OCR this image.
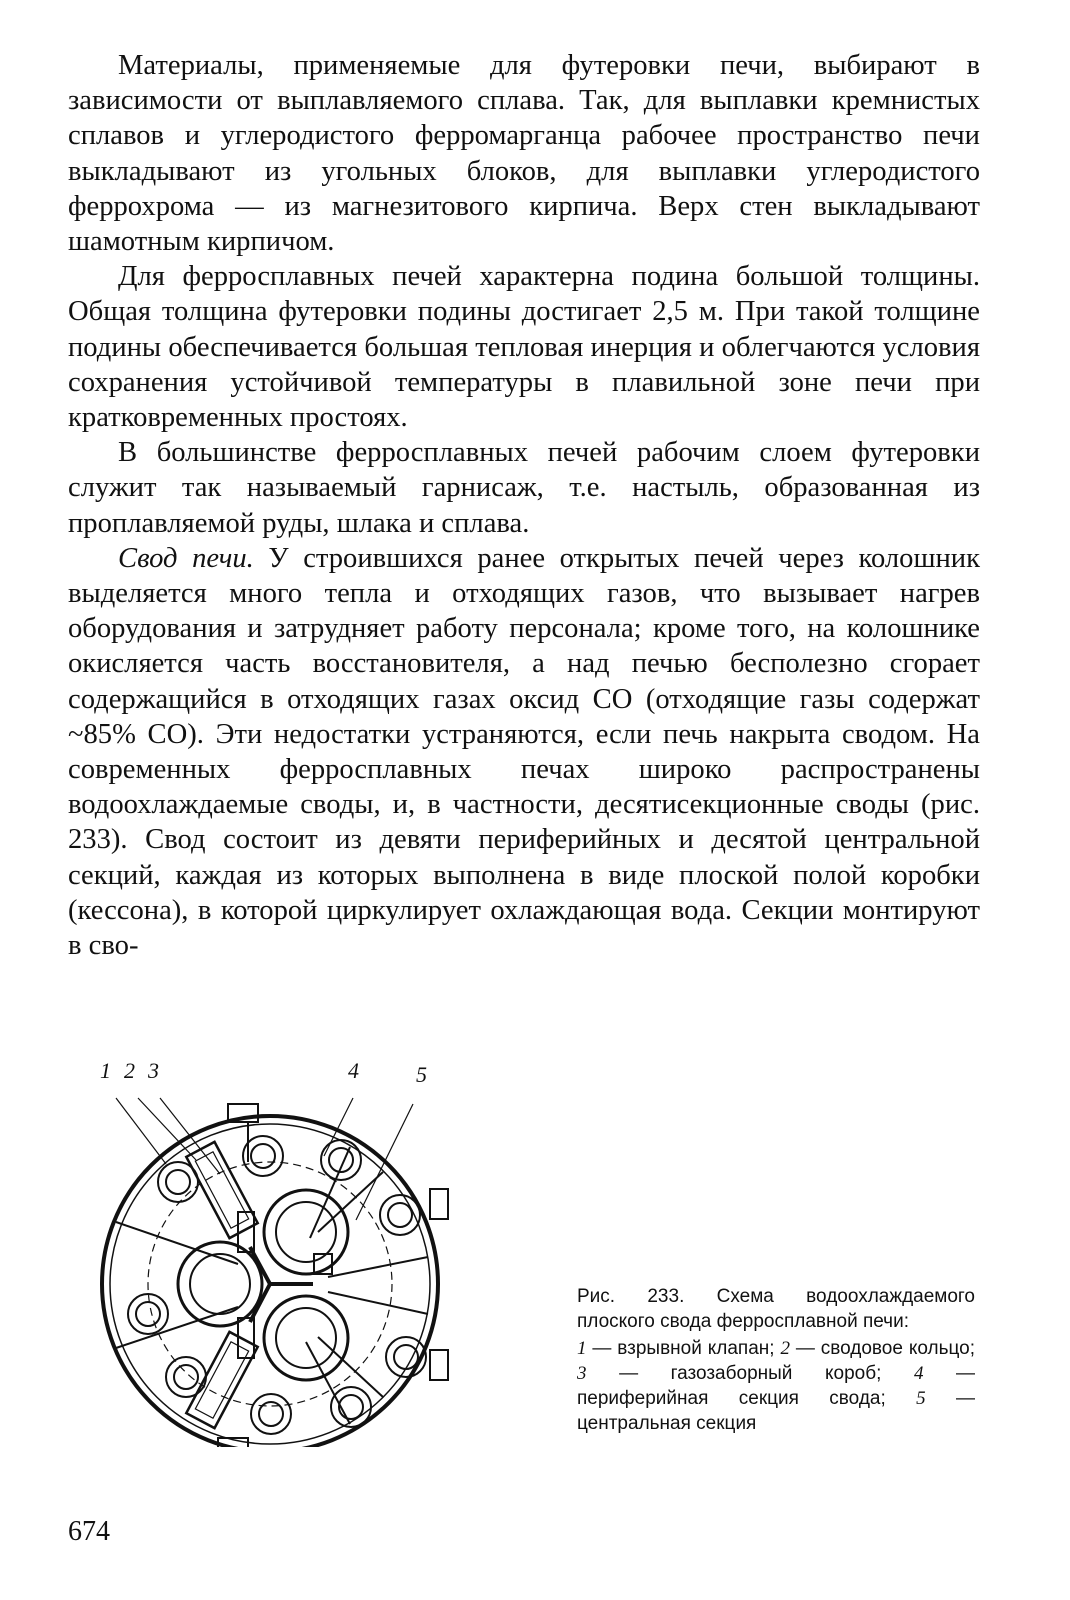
Материалы, применяемые для футеровки печи, выбирают в зависимости от выплавляемого сплава. Так, для выплавки кремнистых сплавов и углеродистого ферромарганца рабочее пространство печи выкладывают из угольных блоков, для выплавки углеродистого феррохрома — из магнезитового кирпича. Верх стен выкладывают шамотным кирпичом.

Для ферросплавных печей характерна подина большой толщины. Общая толщина футеровки подины достигает 2,5 м. При такой толщине подины обеспечивается большая тепловая инерция и облегчаются условия сохранения устойчивой температуры в плавильной зоне печи при кратковременных простоях.

В большинстве ферросплавных печей рабочим слоем футеровки служит так называемый гарнисаж, т.е. настыль, образованная из проплавляемой руды, шлака и сплава.

Свод печи. У строившихся ранее открытых печей через колошник выделяется много тепла и отходящих газов, что вызывает нагрев оборудования и затрудняет работу персонала; кроме того, на колошнике окисляется часть восстановителя, а над печью бесполезно сгорает содержащийся в отходящих газах оксид CO (отходящие газы содержат ~85% CO). Эти недостатки устраняются, если печь накрыта сводом. На современных ферросплавных печах широко распространены водоохлаждаемые своды, и, в частности, десятисекционные своды (рис. 233). Свод состоит из девяти периферийных и десятой центральной секций, каждая из которых выполнена в виде плоской полой коробки (кессона), в которой циркулирует охлаждающая вода. Секции монтируют в сво-

1 2 3	4	5
Рис. 233. Схема водоохлаждаемого плоского свода ферросплавной печи:
1 — взрывной клапан; 2 — сводовое кольцо; 3 — газозаборный короб; 4 — периферийная секция свода; 5 — центральная секция
674
